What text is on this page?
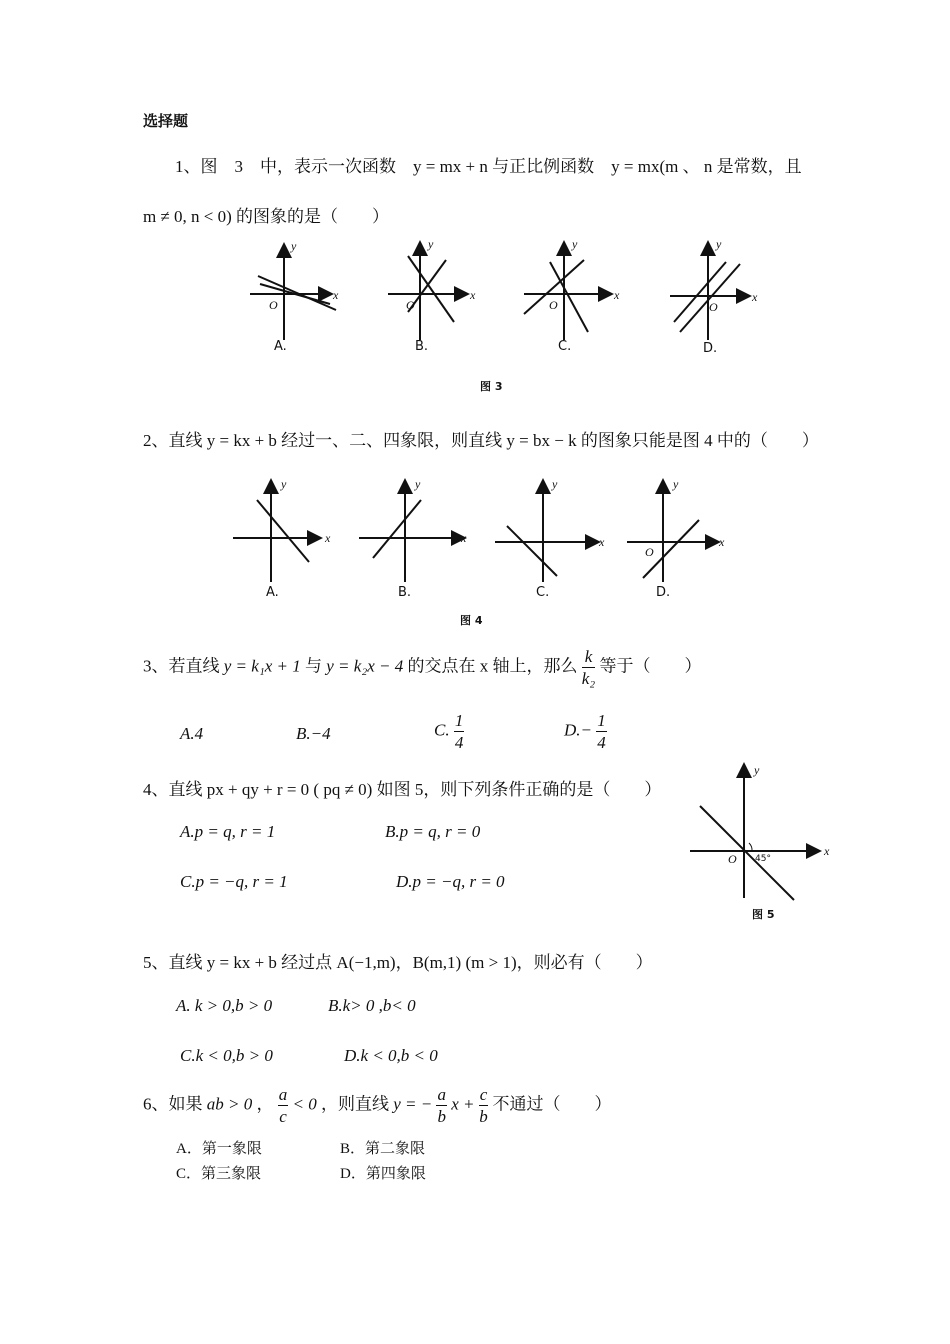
选择题
1、图　3　中，表示一次函数　y = mx + n 与正比例函数　y = mx(m 、 n 是常数，且
m ≠ 0, n < 0) 的图象的是（　　）
y
x
O
A.
y
x
O
B.
y
x
O
C.
y
x
O
D.
图 3
2、直线 y = kx + b 经过一、二、四象限，则直线 y = bx − k 的图象只能是图 4 中的（　　）
y
x
A.
y
x
B.
y
x
C.
y
x
O
D.
图 4
3、若直线 y = k₁x + 1 与 y = k₂x − 4 的交点在 x 轴上，那么 $\frac{k}{\text{k₂}}$ 等于（　　）
A.4	B.−4	C. $\frac{1}{4}$	$D.- \frac{1}{4}$
4、直线 px + qy + r = 0 ( pq ≠ 0) 如图 5，则下列条件正确的是（　　）
A.p = q, r = 1	B.p = q, r = 0
C.p = −q, r = 1	D.p = −q, r = 0
y
x
O 45°
图 5
5、直线 y = kx + b 经过点 A(−1,m)，B(m,1) (m > 1)，则必有（　　）
A. k > 0,b > 0	B.k> 0 ,b< 0
C.k < 0,b > 0	D.k < 0,b < 0
6、如果 ab > 0 ， $\frac{a}{c} < 0$ ，则直线 y = − $\frac{a}{b}$ $x + \frac{c}{b}$ 不通过（　　）
A．第一象限	B．第二象限
C．第三象限	D．第四象限
